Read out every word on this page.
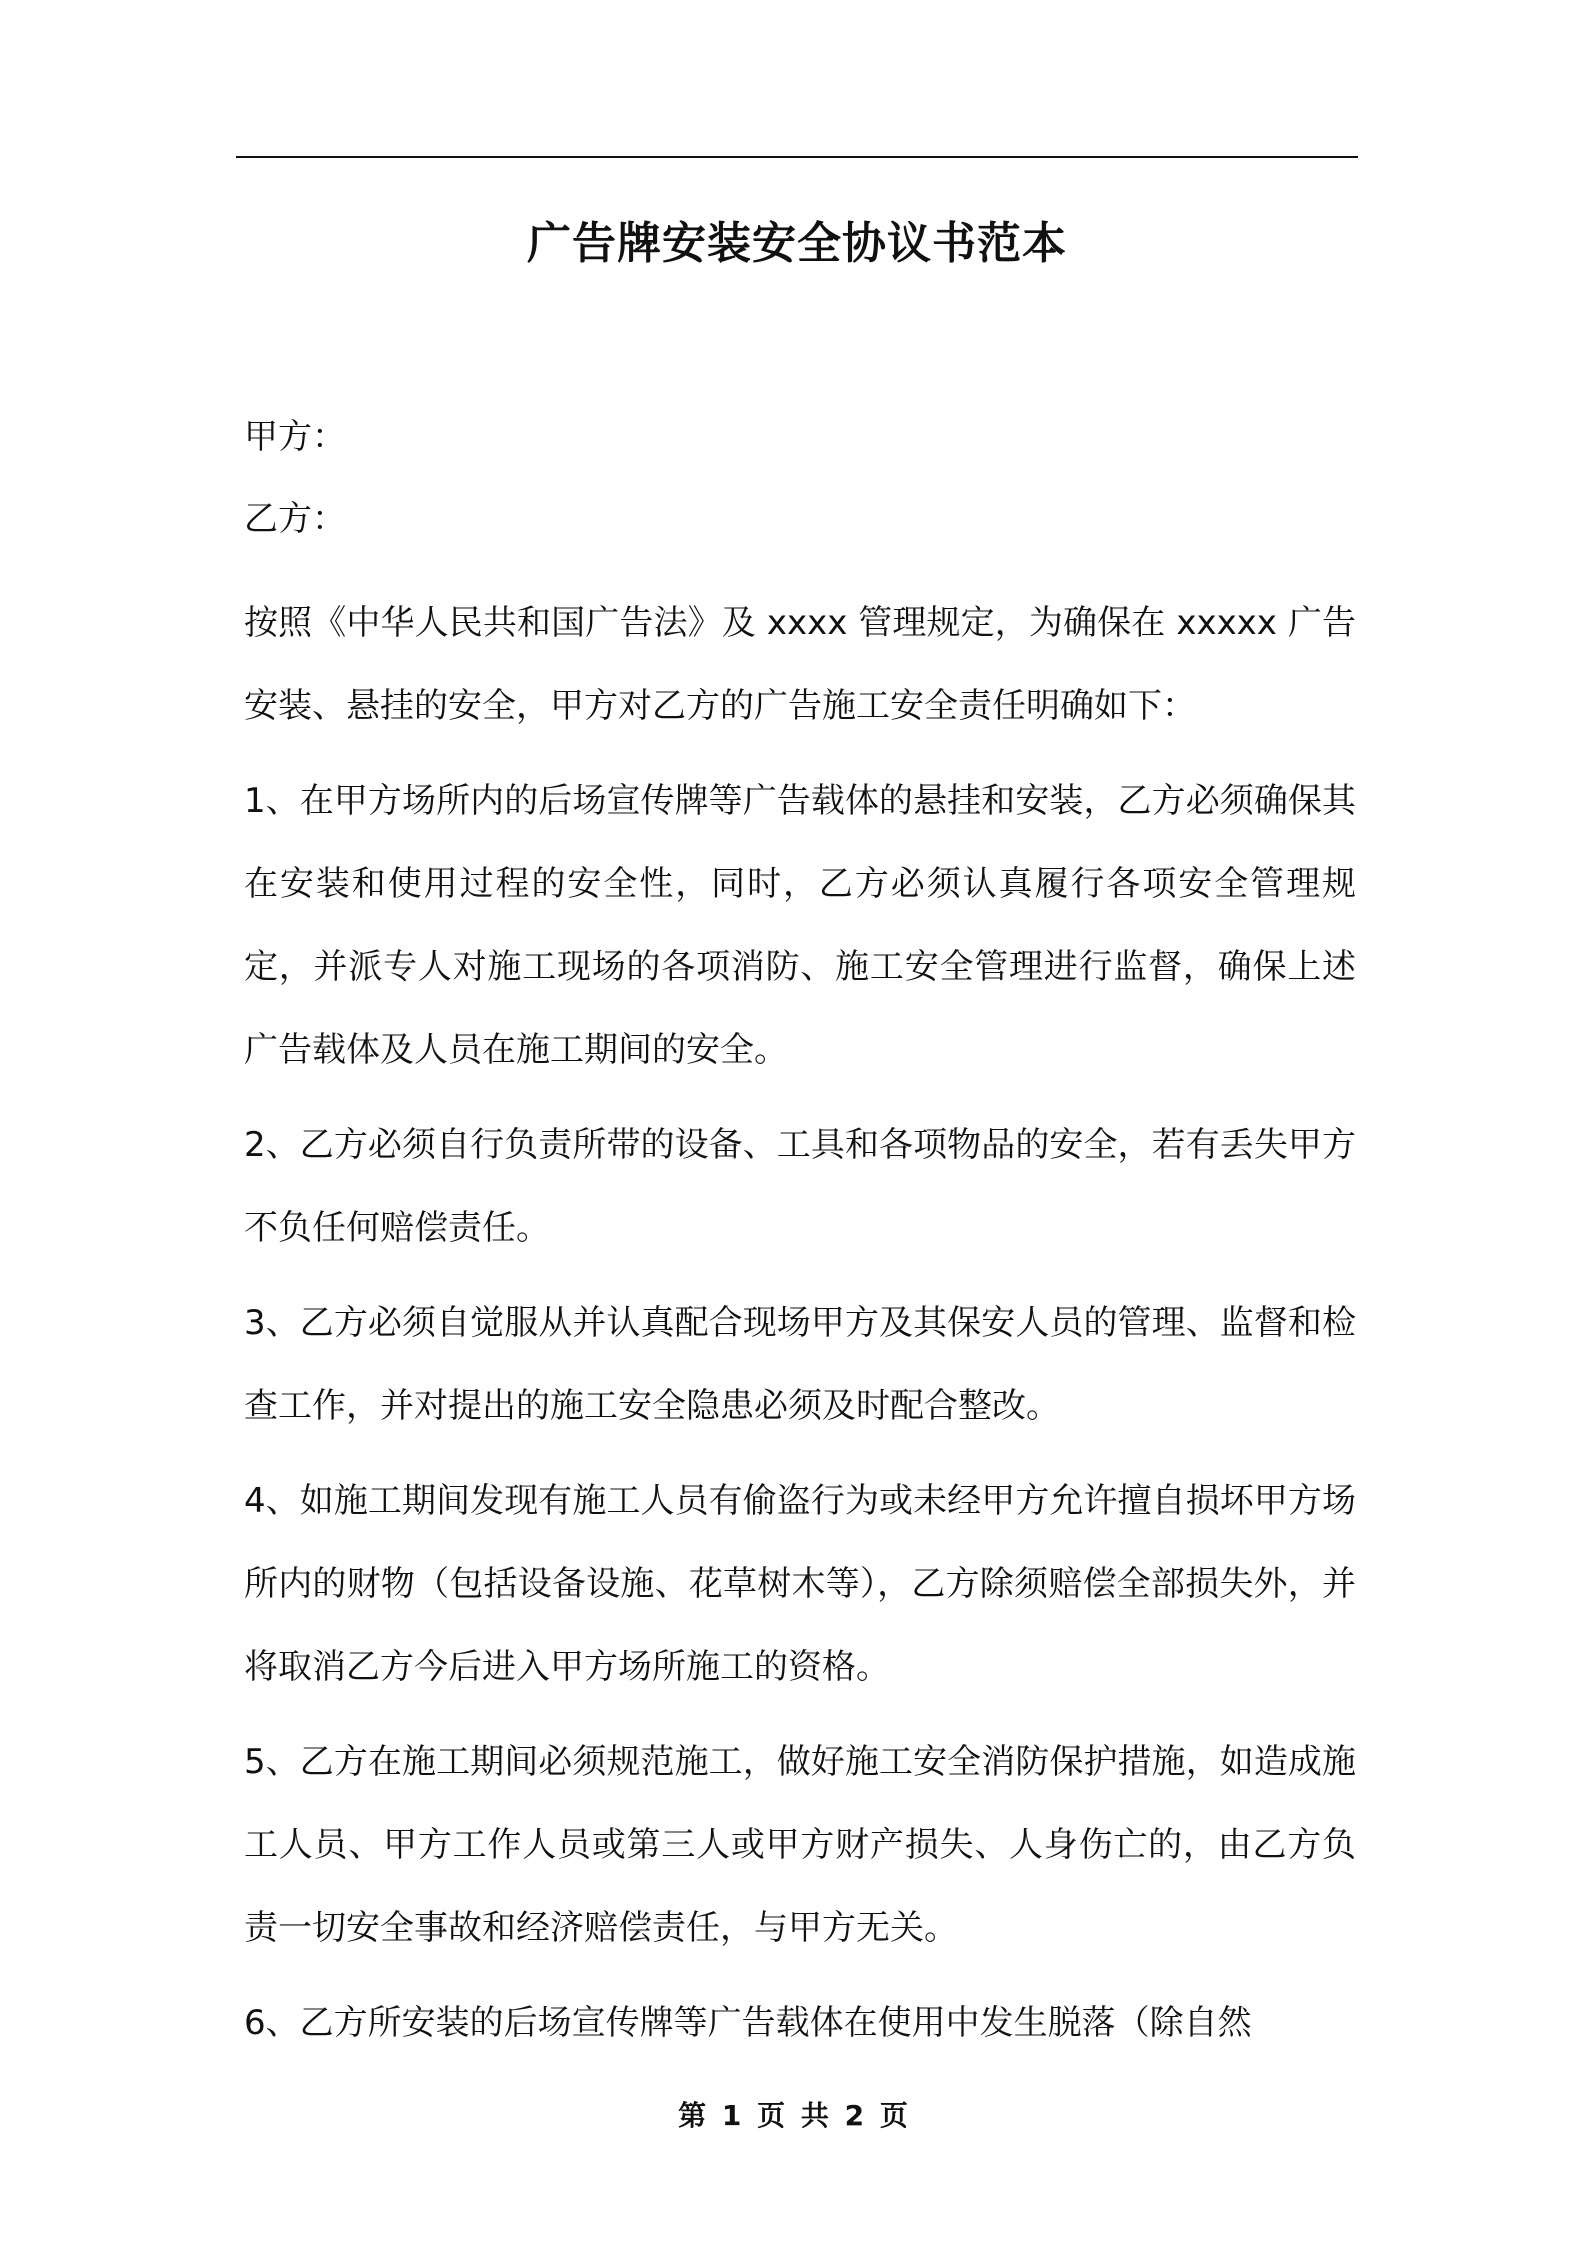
广告牌安装安全协议书范本

甲方：

乙方：

按照《中华人民共和国广告法》及 xxxx 管理规定，为确保在 xxxxx 广告安装、悬挂的安全，甲方对乙方的广告施工安全责任明确如下：

1、在甲方场所内的后场宣传牌等广告载体的悬挂和安装，乙方必须确保其在安装和使用过程的安全性，同时，乙方必须认真履行各项安全管理规定，并派专人对施工现场的各项消防、施工安全管理进行监督，确保上述广告载体及人员在施工期间的安全。

2、乙方必须自行负责所带的设备、工具和各项物品的安全，若有丢失甲方不负任何赔偿责任。

3、乙方必须自觉服从并认真配合现场甲方及其保安人员的管理、监督和检查工作，并对提出的施工安全隐患必须及时配合整改。

4、如施工期间发现有施工人员有偷盗行为或未经甲方允许擅自损坏甲方场所内的财物（包括设备设施、花草树木等），乙方除须赔偿全部损失外，并将取消乙方今后进入甲方场所施工的资格。

5、乙方在施工期间必须规范施工，做好施工安全消防保护措施，如造成施工人员、甲方工作人员或第三人或甲方财产损失、人身伤亡的，由乙方负责一切安全事故和经济赔偿责任，与甲方无关。

6、乙方所安装的后场宣传牌等广告载体在使用中发生脱落（除自然

第 1 页 共 2 页
